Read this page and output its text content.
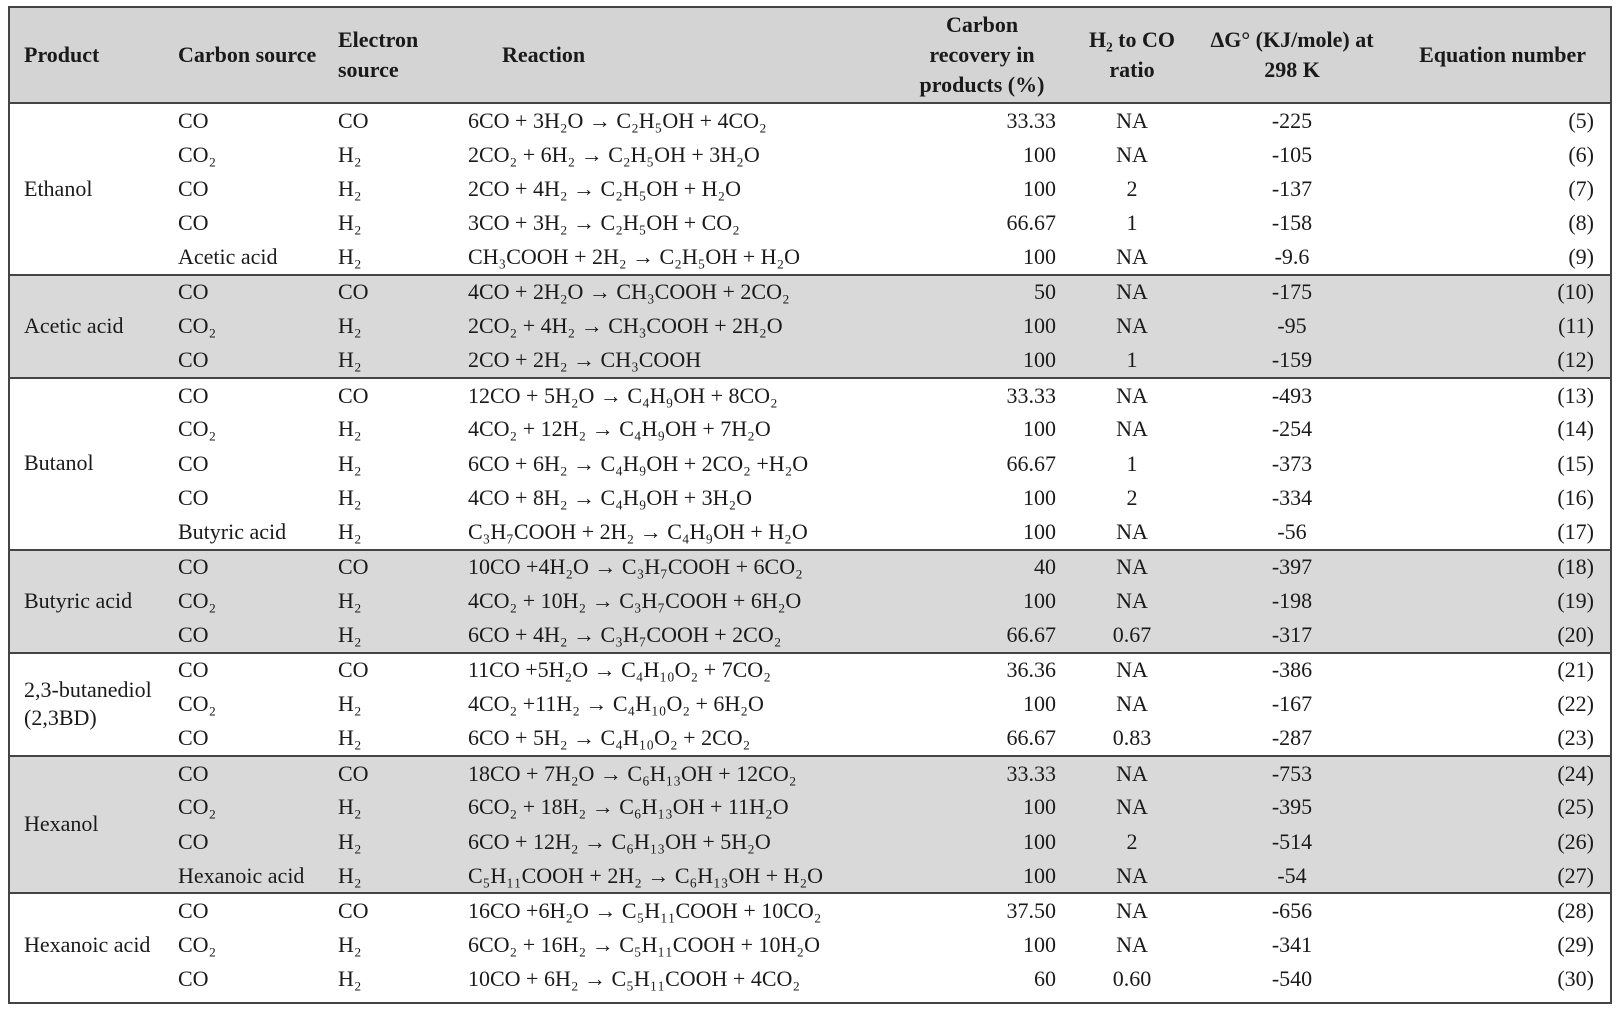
Product	Carbon source	Electron source	Reaction	Carbon recovery in products (%)	H₂ to CO ratio	ΔG° (KJ/mole) at 298 K	Equation number
Ethanol	CO	CO	6CO + 3H₂O → C₂H₅OH + 4CO₂	33.33	NA	-225	(5)
	CO₂	H₂	2CO₂ + 6H₂ → C₂H₅OH + 3H₂O	100	NA	-105	(6)
	CO	H₂	2CO + 4H₂ → C₂H₅OH + H₂O	100	2	-137	(7)
	CO	H₂	3CO + 3H₂ → C₂H₅OH + CO₂	66.67	1	-158	(8)
	Acetic acid	H₂	CH₃COOH + 2H₂ → C₂H₅OH + H₂O	100	NA	-9.6	(9)
Acetic acid	CO	CO	4CO + 2H₂O → CH₃COOH + 2CO₂	50	NA	-175	(10)
	CO₂	H₂	2CO₂ + 4H₂ → CH₃COOH + 2H₂O	100	NA	-95	(11)
	CO	H₂	2CO + 2H₂ → CH₃COOH	100	1	-159	(12)
Butanol	CO	CO	12CO + 5H₂O → C₄H₉OH + 8CO₂	33.33	NA	-493	(13)
	CO₂	H₂	4CO₂ + 12H₂ → C₄H₉OH + 7H₂O	100	NA	-254	(14)
	CO	H₂	6CO + 6H₂ → C₄H₉OH + 2CO₂ +H₂O	66.67	1	-373	(15)
	CO	H₂	4CO + 8H₂ → C₄H₉OH + 3H₂O	100	2	-334	(16)
	Butyric acid	H₂	C₃H₇COOH + 2H₂ → C₄H₉OH + H₂O	100	NA	-56	(17)
Butyric acid	CO	CO	10CO +4H₂O → C₃H₇COOH + 6CO₂	40	NA	-397	(18)
	CO₂	H₂	4CO₂ + 10H₂ → C₃H₇COOH + 6H₂O	100	NA	-198	(19)
	CO	H₂	6CO + 4H₂ → C₃H₇COOH + 2CO₂	66.67	0.67	-317	(20)
2,3-butanediol (2,3BD)	CO	CO	11CO +5H₂O → C₄H₁₀O₂ + 7CO₂	36.36	NA	-386	(21)
	CO₂	H₂	4CO₂ +11H₂ → C₄H₁₀O₂ + 6H₂O	100	NA	-167	(22)
	CO	H₂	6CO + 5H₂ → C₄H₁₀O₂ + 2CO₂	66.67	0.83	-287	(23)
Hexanol	CO	CO	18CO + 7H₂O → C₆H₁₃OH + 12CO₂	33.33	NA	-753	(24)
	CO₂	H₂	6CO₂ + 18H₂ → C₆H₁₃OH + 11H₂O	100	NA	-395	(25)
	CO	H₂	6CO + 12H₂ → C₆H₁₃OH + 5H₂O	100	2	-514	(26)
	Hexanoic acid	H₂	C₅H₁₁COOH + 2H₂ → C₆H₁₃OH + H₂O	100	NA	-54	(27)
Hexanoic acid	CO	CO	16CO +6H₂O → C₅H₁₁COOH + 10CO₂	37.50	NA	-656	(28)
	CO₂	H₂	6CO₂ + 16H₂ → C₅H₁₁COOH + 10H₂O	100	NA	-341	(29)
	CO	H₂	10CO + 6H₂ → C₅H₁₁COOH + 4CO₂	60	0.60	-540	(30)
